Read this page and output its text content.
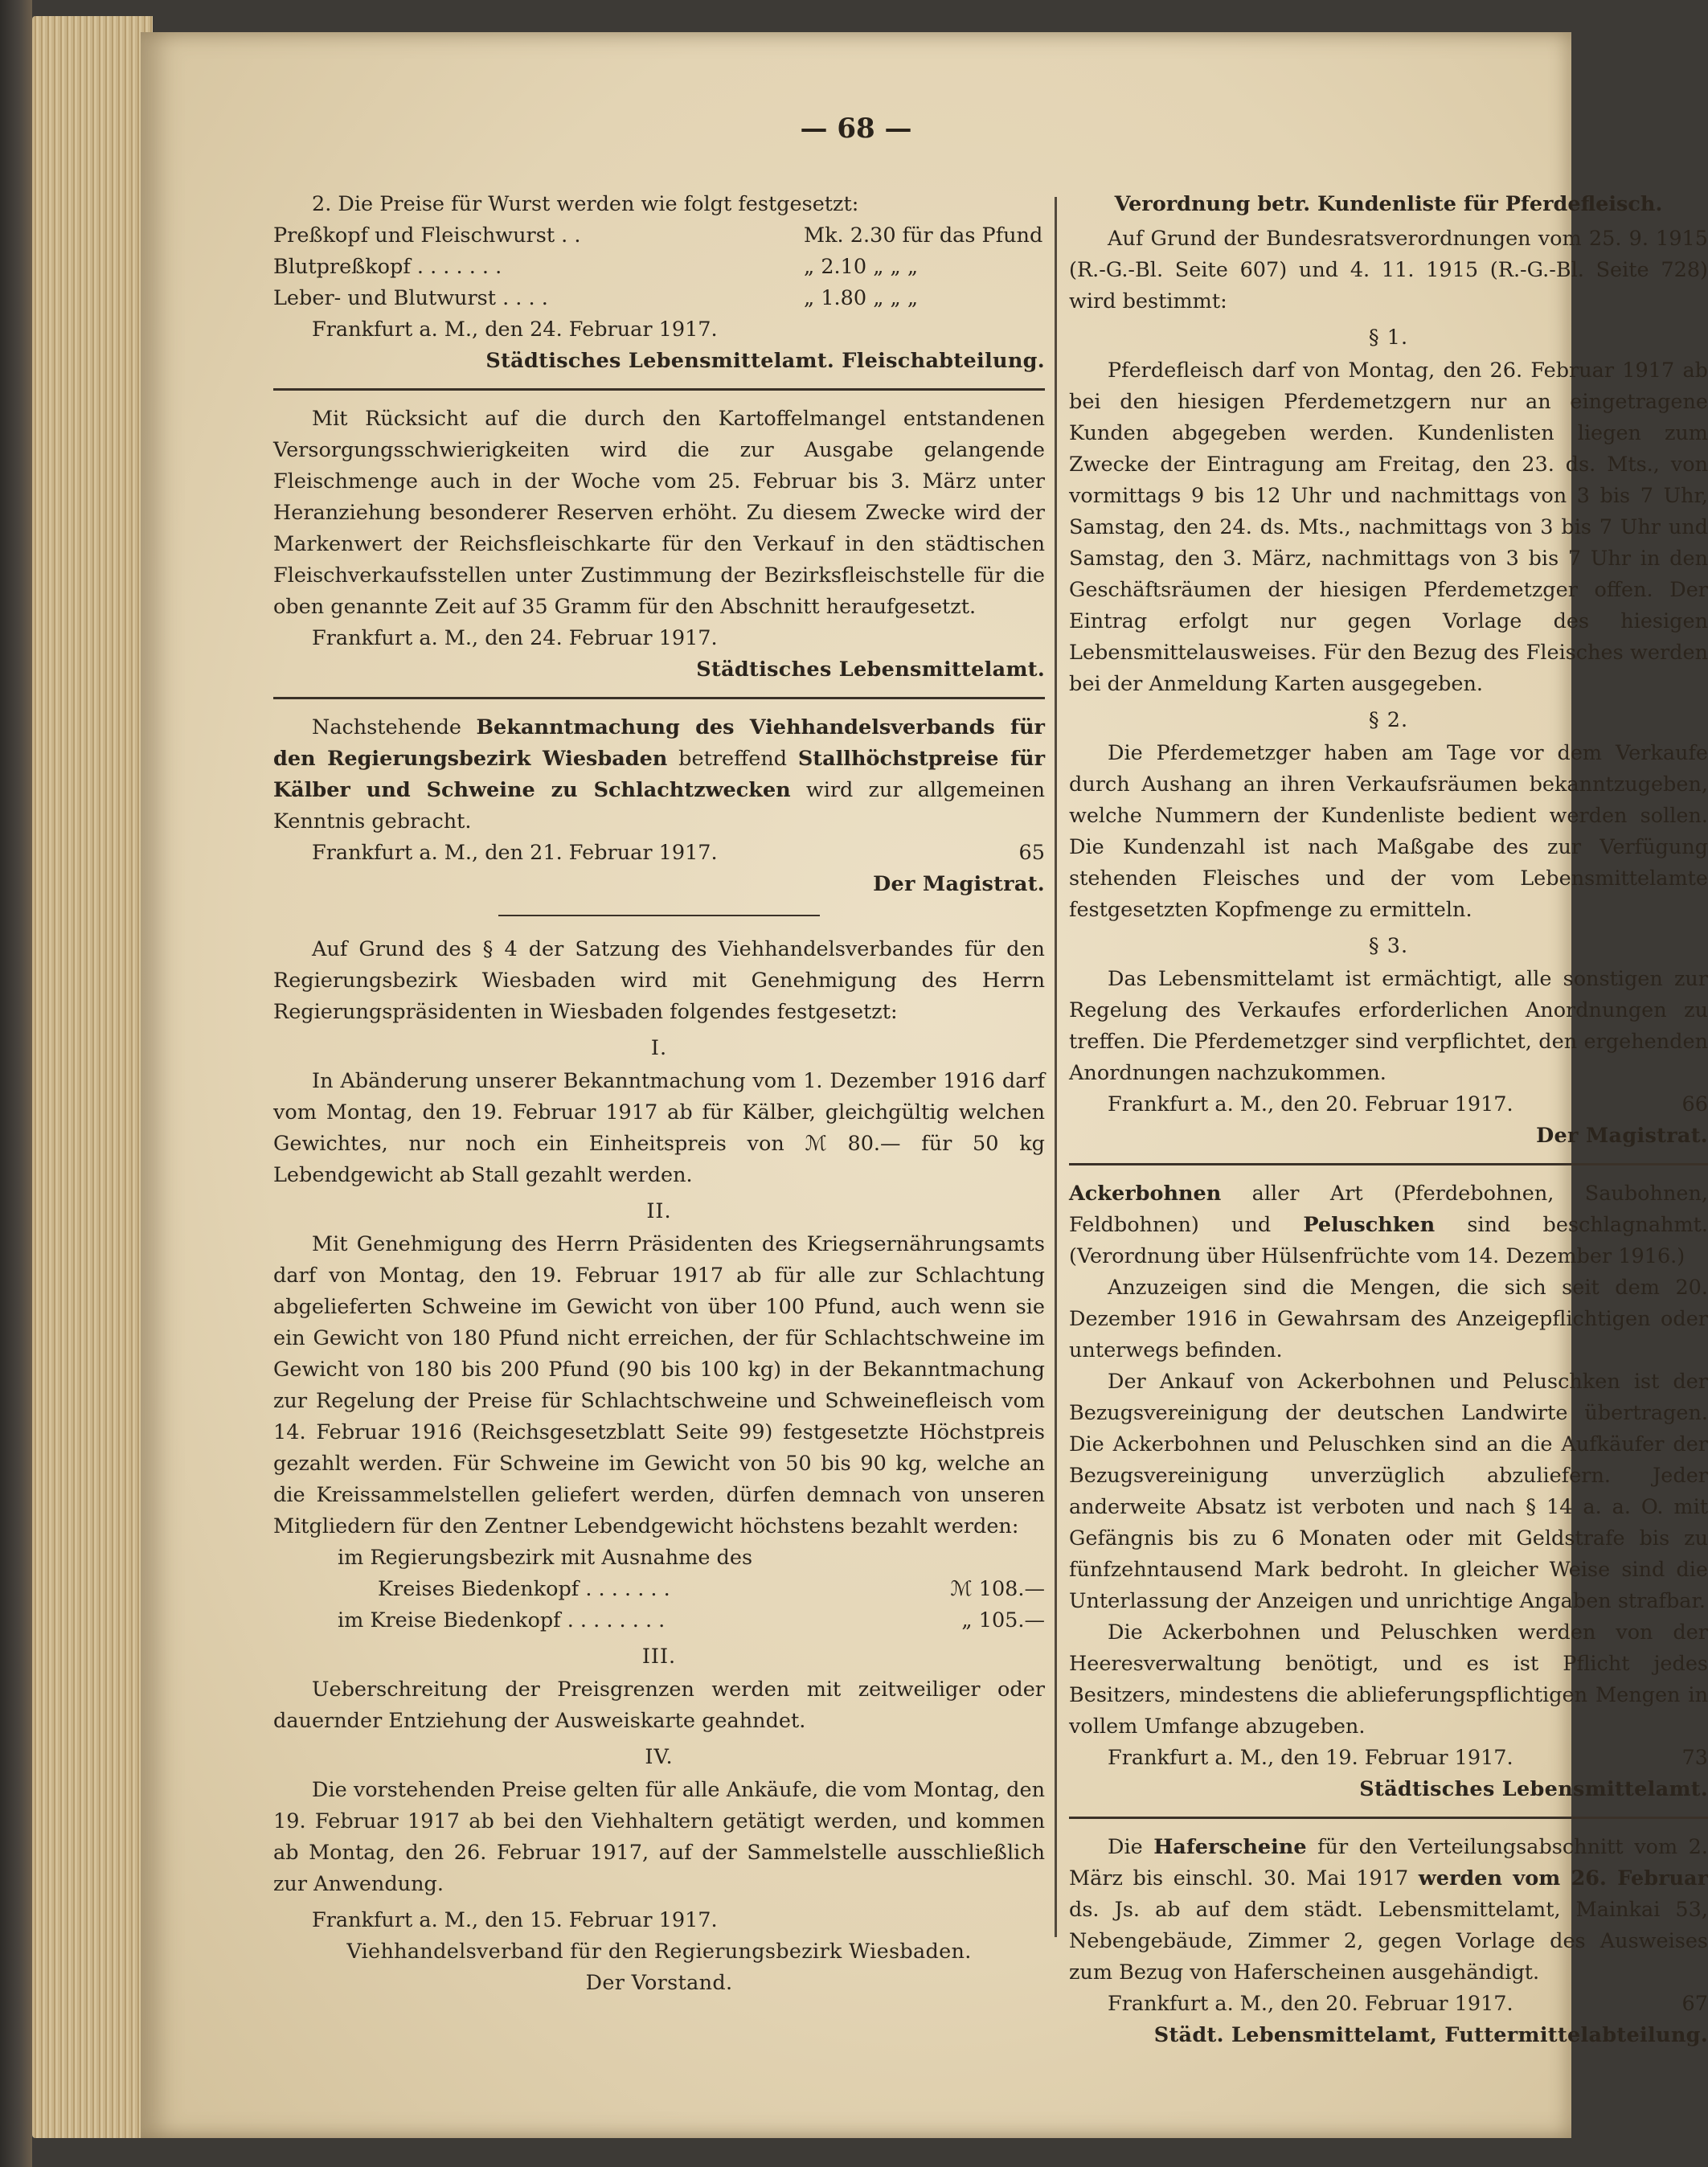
— 68 —

2. Die Preise für Wurst werden wie folgt festgesetzt:

Preßkopf und Fleischwurst . .	Mk. 2.30 für das Pfund
Blutpreßkopf . . . . . . .	„ 2.10 „ „ „
Leber- und Blutwurst . . . .	„ 1.80 „ „ „
Frankfurt a. M., den 24. Februar 1917.
Städtisches Lebensmittelamt. Fleischabteilung.

Mit Rücksicht auf die durch den Kartoffelmangel entstandenen Versorgungsschwierigkeiten wird die zur Ausgabe gelangende Fleischmenge auch in der Woche vom 25. Februar bis 3. März unter Heranziehung besonderer Reserven erhöht. Zu diesem Zwecke wird der Markenwert der Reichsfleischkarte für den Verkauf in den städtischen Fleischverkaufsstellen unter Zustimmung der Bezirksfleischstelle für die oben genannte Zeit auf 35 Gramm für den Abschnitt heraufgesetzt.

Frankfurt a. M., den 24. Februar 1917.
Städtisches Lebensmittelamt.

Nachstehende Bekanntmachung des Viehhandelsverbands für den Regierungsbezirk Wiesbaden betreffend Stallhöchstpreise für Kälber und Schweine zu Schlachtzwecken wird zur allgemeinen Kenntnis gebracht.

Frankfurt a. M., den 21. Februar 1917.	65
Der Magistrat.

Auf Grund des § 4 der Satzung des Viehhandelsverbandes für den Regierungsbezirk Wiesbaden wird mit Genehmigung des Herrn Regierungspräsidenten in Wiesbaden folgendes festgesetzt:

I.

In Abänderung unserer Bekanntmachung vom 1. Dezember 1916 darf vom Montag, den 19. Februar 1917 ab für Kälber, gleichgültig welchen Gewichtes, nur noch ein Einheitspreis von ℳ 80.— für 50 kg Lebendgewicht ab Stall gezahlt werden.

II.

Mit Genehmigung des Herrn Präsidenten des Kriegsernährungsamts darf von Montag, den 19. Februar 1917 ab für alle zur Schlachtung abgelieferten Schweine im Gewicht von über 100 Pfund, auch wenn sie ein Gewicht von 180 Pfund nicht erreichen, der für Schlachtschweine im Gewicht von 180 bis 200 Pfund (90 bis 100 kg) in der Bekanntmachung zur Regelung der Preise für Schlachtschweine und Schweinefleisch vom 14. Februar 1916 (Reichsgesetzblatt Seite 99) festgesetzte Höchstpreis gezahlt werden. Für Schweine im Gewicht von 50 bis 90 kg, welche an die Kreissammelstellen geliefert werden, dürfen demnach von unseren Mitgliedern für den Zentner Lebendgewicht höchstens bezahlt werden:

im Regierungsbezirk mit Ausnahme des
Kreises Biedenkopf . . . . . . .	ℳ 108.—
im Kreise Biedenkopf . . . . . . . .	„ 105.—
III.

Ueberschreitung der Preisgrenzen werden mit zeitweiliger oder dauernder Entziehung der Ausweiskarte geahndet.

IV.

Die vorstehenden Preise gelten für alle Ankäufe, die vom Montag, den 19. Februar 1917 ab bei den Viehhaltern getätigt werden, und kommen ab Montag, den 26. Februar 1917, auf der Sammelstelle ausschließlich zur Anwendung.

Frankfurt a. M., den 15. Februar 1917.
Viehhandelsverband für den Regierungsbezirk Wiesbaden.
Der Vorstand.
Verordnung betr. Kundenliste für Pferdefleisch.

Auf Grund der Bundesratsverordnungen vom 25. 9. 1915 (R.-G.-Bl. Seite 607) und 4. 11. 1915 (R.-G.-Bl. Seite 728) wird bestimmt:

§ 1.

Pferdefleisch darf von Montag, den 26. Februar 1917 ab bei den hiesigen Pferdemetzgern nur an eingetragene Kunden abgegeben werden. Kundenlisten liegen zum Zwecke der Eintragung am Freitag, den 23. ds. Mts., von vormittags 9 bis 12 Uhr und nachmittags von 3 bis 7 Uhr, Samstag, den 24. ds. Mts., nachmittags von 3 bis 7 Uhr und Samstag, den 3. März, nachmittags von 3 bis 7 Uhr in den Geschäftsräumen der hiesigen Pferdemetzger offen. Der Eintrag erfolgt nur gegen Vorlage des hiesigen Lebensmittelausweises. Für den Bezug des Fleisches werden bei der Anmeldung Karten ausgegeben.

§ 2.

Die Pferdemetzger haben am Tage vor dem Verkaufe durch Aushang an ihren Verkaufsräumen bekanntzugeben, welche Nummern der Kundenliste bedient werden sollen. Die Kundenzahl ist nach Maßgabe des zur Verfügung stehenden Fleisches und der vom Lebensmittelamte festgesetzten Kopfmenge zu ermitteln.

§ 3.

Das Lebensmittelamt ist ermächtigt, alle sonstigen zur Regelung des Verkaufes erforderlichen Anordnungen zu treffen. Die Pferdemetzger sind verpflichtet, den ergehenden Anordnungen nachzukommen.

Frankfurt a. M., den 20. Februar 1917.	66
Der Magistrat.

Ackerbohnen aller Art (Pferdebohnen, Saubohnen, Feldbohnen) und Peluschken sind beschlagnahmt. (Verordnung über Hülsenfrüchte vom 14. Dezember 1916.)

Anzuzeigen sind die Mengen, die sich seit dem 20. Dezember 1916 in Gewahrsam des Anzeigepflichtigen oder unterwegs befinden.

Der Ankauf von Ackerbohnen und Peluschken ist der Bezugsvereinigung der deutschen Landwirte übertragen. Die Ackerbohnen und Peluschken sind an die Aufkäufer der Bezugsvereinigung unverzüglich abzuliefern. Jeder anderweite Absatz ist verboten und nach § 14 a. a. O. mit Gefängnis bis zu 6 Monaten oder mit Geldstrafe bis zu fünfzehntausend Mark bedroht. In gleicher Weise sind die Unterlassung der Anzeigen und unrichtige Angaben strafbar.

Die Ackerbohnen und Peluschken werden von der Heeresverwaltung benötigt, und es ist Pflicht jedes Besitzers, mindestens die ablieferungspflichtigen Mengen in vollem Umfange abzugeben.

Frankfurt a. M., den 19. Februar 1917.	73
Städtisches Lebensmittelamt.

Die Haferscheine für den Verteilungsabschnitt vom 2. März bis einschl. 30. Mai 1917 werden vom 26. Februar ds. Js. ab auf dem städt. Lebensmittelamt, Mainkai 53, Nebengebäude, Zimmer 2, gegen Vorlage des Ausweises zum Bezug von Haferscheinen ausgehändigt.

Frankfurt a. M., den 20. Februar 1917.	67
Städt. Lebensmittelamt, Futtermittelabteilung.
